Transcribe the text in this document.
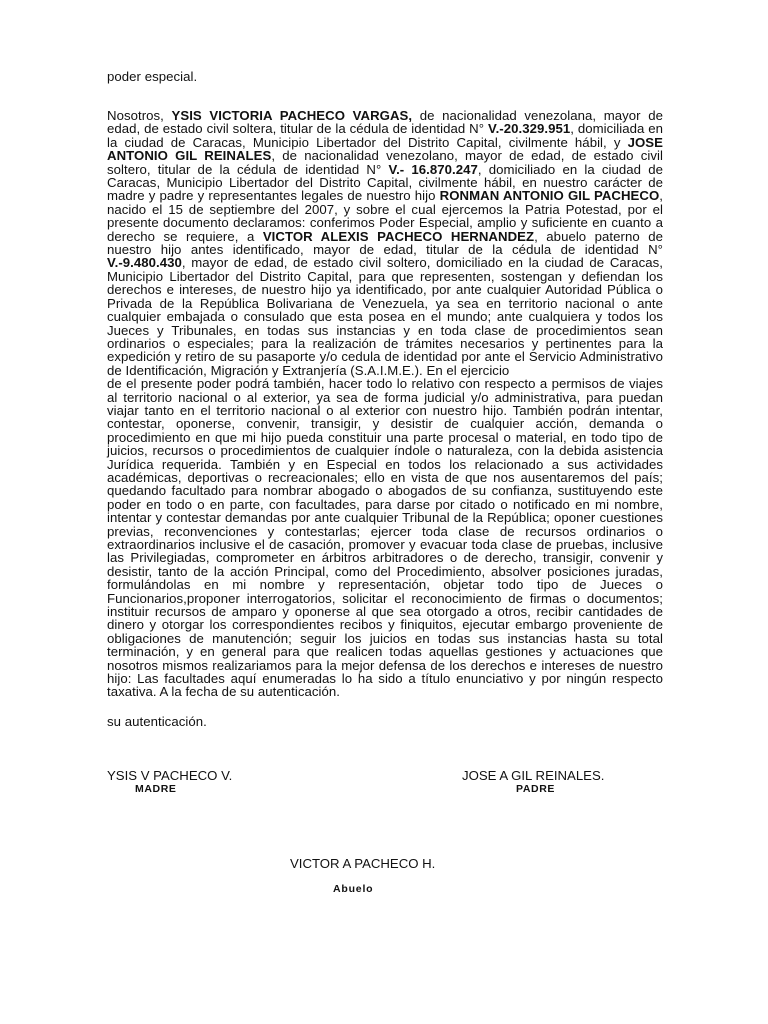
poder especial.

Nosotros, YSIS VICTORIA PACHECO VARGAS, de nacionalidad venezolana, mayor de edad, de estado civil soltera, titular de la cédula de identidad N° V.-20.329.951, domiciliada en la ciudad de Caracas, Municipio Libertador del Distrito Capital, civilmente hábil, y JOSE ANTONIO GIL REINALES, de nacionalidad venezolano, mayor de edad, de estado civil soltero, titular de la cédula de identidad N° V.- 16.870.247, domiciliado en la ciudad de Caracas, Municipio Libertador del Distrito Capital, civilmente hábil, en nuestro carácter de madre y padre y representantes legales de nuestro hijo RONMAN ANTONIO GIL PACHECO, nacido el 15 de septiembre del 2007, y sobre el cual ejercemos la Patria Potestad, por el presente documento declaramos: conferimos Poder Especial, amplio y suficiente en cuanto a derecho se requiere, a VICTOR ALEXIS PACHECO HERNANDEZ, abuelo paterno de nuestro hijo antes identificado, mayor de edad, titular de la cédula de identidad N° V.-9.480.430, mayor de edad, de estado civil soltero, domiciliado en la ciudad de Caracas, Municipio Libertador del Distrito Capital, para que representen, sostengan y defiendan los derechos e intereses, de nuestro hijo ya identificado, por ante cualquier Autoridad Pública o Privada de la República Bolivariana de Venezuela, ya sea en territorio nacional o ante cualquier embajada o consulado que esta posea en el mundo; ante cualquiera y todos los Jueces y Tribunales, en todas sus instancias y en toda clase de procedimientos sean ordinarios o especiales; para la realización de trámites necesarios y pertinentes para la expedición y retiro de su pasaporte y/o cedula de identidad por ante el Servicio Administrativo de Identificación, Migración y Extranjería (S.A.I.M.E.). En el ejercicio

de el presente poder podrá también, hacer todo lo relativo con respecto a permisos de viajes al territorio nacional o al exterior, ya sea de forma judicial y/o administrativa, para puedan viajar tanto en el territorio nacional o al exterior con nuestro hijo. También podrán intentar, contestar, oponerse, convenir, transigir, y desistir de cualquier acción, demanda o procedimiento en que mi hijo pueda constituir una parte procesal o material, en todo tipo de juicios, recursos o procedimientos de cualquier índole o naturaleza, con la debida asistencia Jurídica requerida. También y en Especial en todos los relacionado a sus actividades académicas, deportivas o recreacionales; ello en vista de que nos ausentaremos del país; quedando facultado para nombrar abogado o abogados de su confianza, sustituyendo este poder en todo o en parte, con facultades, para darse por citado o notificado en mi nombre, intentar y contestar demandas por ante cualquier Tribunal de la República; oponer cuestiones previas, reconvenciones y contestarlas; ejercer toda clase de recursos ordinarios o extraordinarios inclusive el de casación, promover y evacuar toda clase de pruebas, inclusive las Privilegiadas, comprometer en árbitros arbitradores o de derecho, transigir, convenir y desistir, tanto de la acción Principal, como del Procedimiento, absolver posiciones juradas, formulándolas en mi nombre y representación, objetar todo tipo de Jueces o Funcionarios,proponer interrogatorios, solicitar el reconocimiento de firmas o documentos; instituir recursos de amparo y oponerse al que sea otorgado a otros, recibir cantidades de dinero y otorgar los correspondientes recibos y finiquitos, ejecutar embargo proveniente de obligaciones de manutención; seguir los juicios en todas sus instancias hasta su total terminación, y en general para que realicen todas aquellas gestiones y actuaciones que nosotros mismos realizariamos para la mejor defensa de los derechos e intereses de nuestro hijo: Las facultades aquí enumeradas lo ha sido a título enunciativo y por ningún respecto taxativa. A la fecha de su autenticación.

su autenticación.
YSIS V PACHECO V.
MADRE
JOSE A GIL REINALES.
PADRE
VICTOR A PACHECO H.
Abuelo
